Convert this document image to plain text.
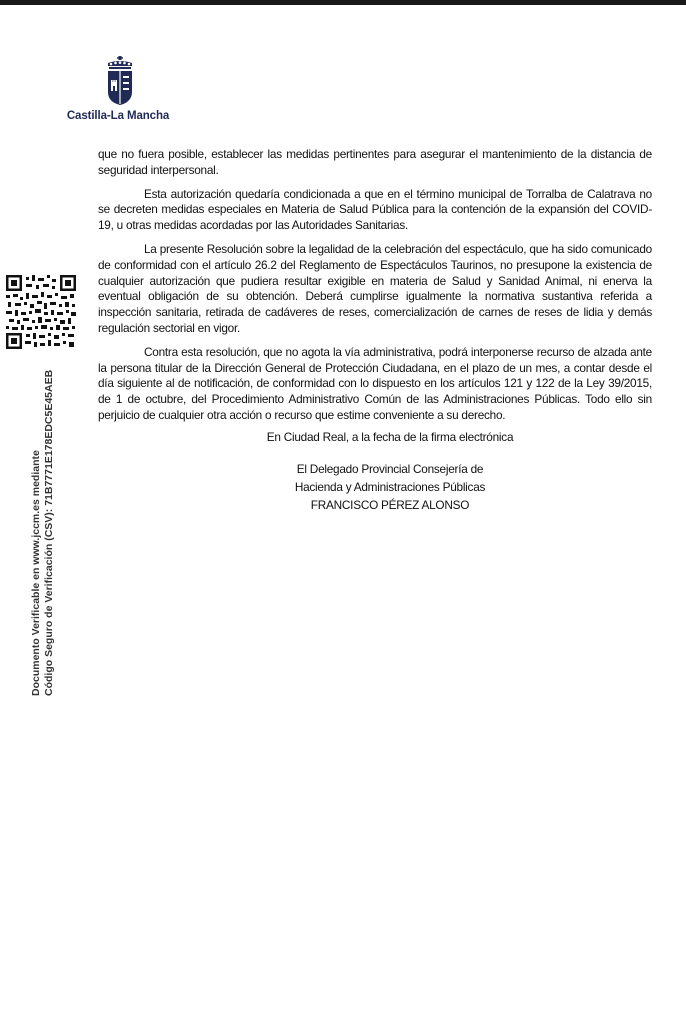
Castilla-La Mancha
Documento Verificable en www.jccm.es mediante Código Seguro de Verificación (CSV): 71B7771E178EDC5E45AEB

que no fuera posible, establecer las medidas pertinentes para asegurar el mantenimiento de la distancia de seguridad interpersonal.

Esta autorización quedaría condicionada a que en el término municipal de Torralba de Calatrava no se decreten medidas especiales en Materia de Salud Pública para la contención de la expansión del COVID-19, u otras medidas acordadas por las Autoridades Sanitarias.

La presente Resolución sobre la legalidad de la celebración del espectáculo, que ha sido comunicado de conformidad con el artículo 26.2 del Reglamento de Espectáculos Taurinos, no presupone la existencia de cualquier autorización que pudiera resultar exigible en materia de Salud y Sanidad Animal, ni enerva la eventual obligación de su obtención. Deberá cumplirse igualmente la normativa sustantiva referida a inspección sanitaria, retirada de cadáveres de reses, comercialización de carnes de reses de lidia y demás regulación sectorial en vigor.

Contra esta resolución, que no agota la vía administrativa, podrá interponerse recurso de alzada ante la persona titular de la Dirección General de Protección Ciudadana, en el plazo de un mes, a contar desde el día siguiente al de notificación, de conformidad con lo dispuesto en los artículos 121 y 122 de la Ley 39/2015, de 1 de octubre, del Procedimiento Administrativo Común de las Administraciones Públicas. Todo ello sin perjuicio de cualquier otra acción o recurso que estime conveniente a su derecho.

En Ciudad Real, a la fecha de la firma electrónica
El Delegado Provincial Consejería de
Hacienda y Administraciones Públicas
FRANCISCO PÉREZ ALONSO
